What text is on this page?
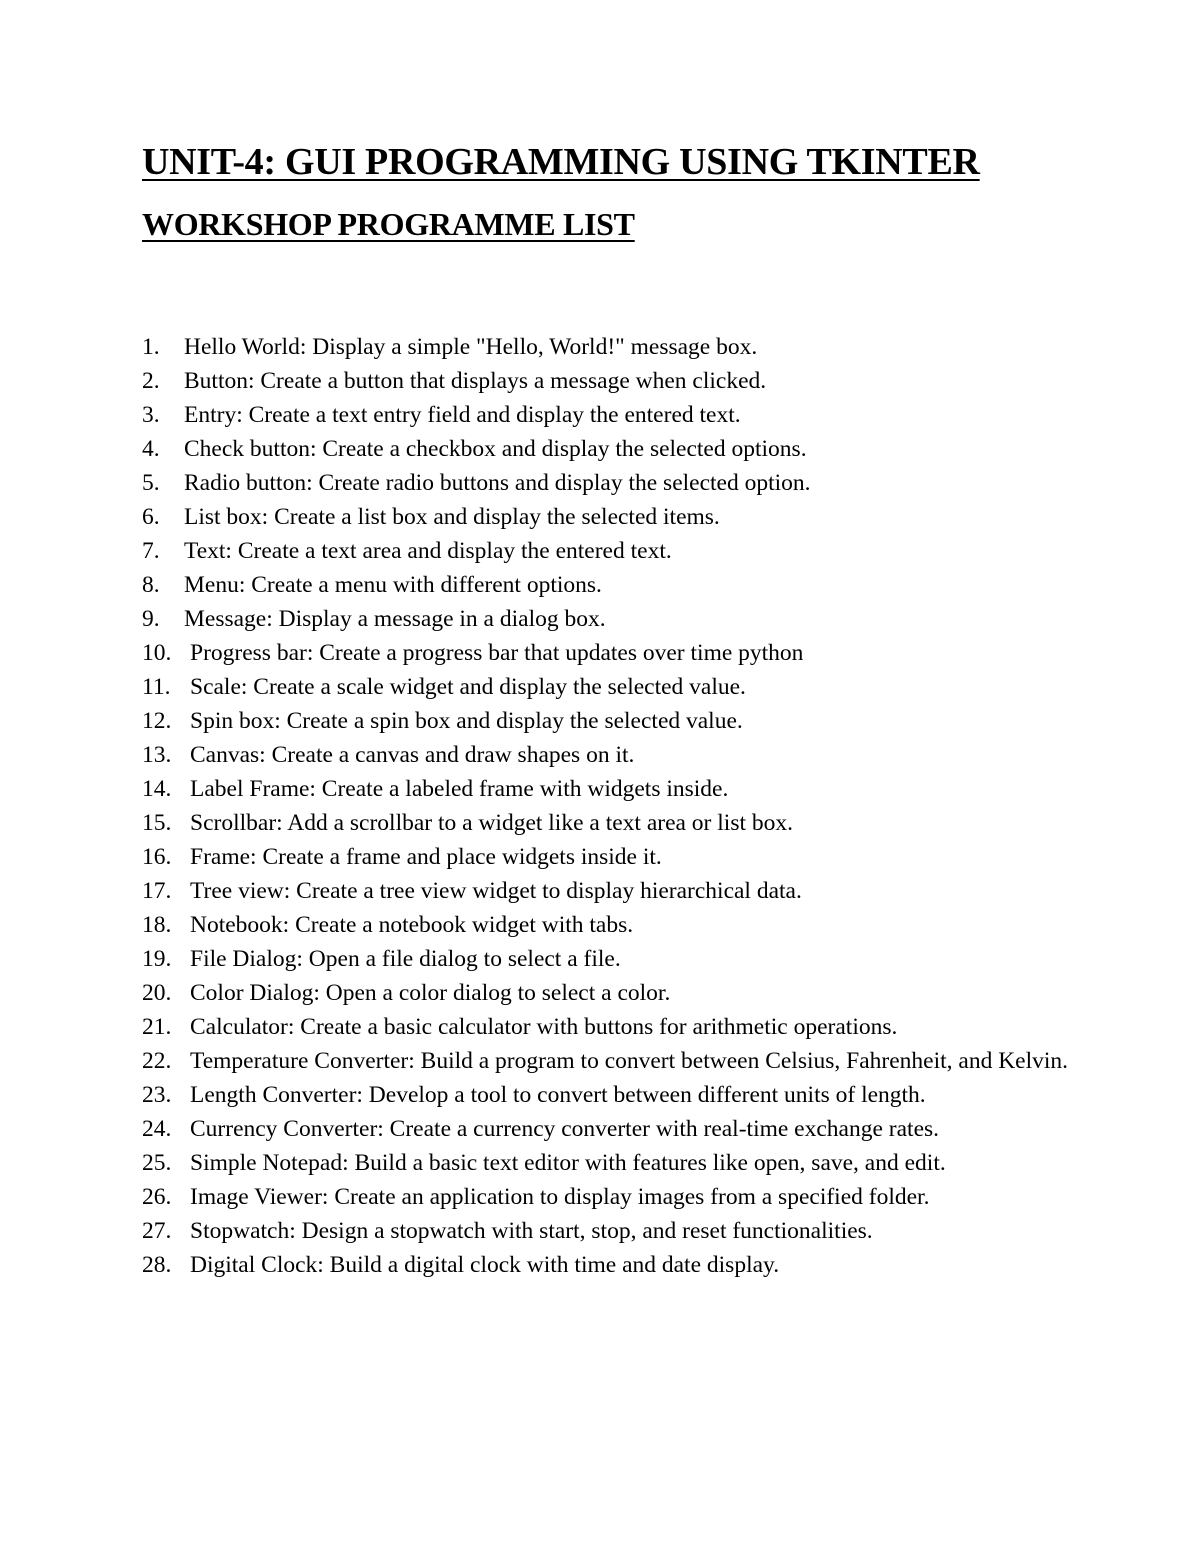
UNIT-4: GUI PROGRAMMING USING TKINTER
WORKSHOP PROGRAMME LIST
1.	Hello World: Display a simple "Hello, World!" message box.
2.	Button: Create a button that displays a message when clicked.
3.	Entry: Create a text entry field and display the entered text.
4.	Check button: Create a checkbox and display the selected options.
5.	Radio button: Create radio buttons and display the selected option.
6.	List box: Create a list box and display the selected items.
7.	Text: Create a text area and display the entered text.
8.	Menu: Create a menu with different options.
9.	Message: Display a message in a dialog box.
10. Progress bar: Create a progress bar that updates over time python
11. Scale: Create a scale widget and display the selected value.
12. Spin box: Create a spin box and display the selected value.
13. Canvas: Create a canvas and draw shapes on it.
14. Label Frame: Create a labeled frame with widgets inside.
15. Scrollbar: Add a scrollbar to a widget like a text area or list box.
16. Frame: Create a frame and place widgets inside it.
17. Tree view: Create a tree view widget to display hierarchical data.
18. Notebook: Create a notebook widget with tabs.
19. File Dialog: Open a file dialog to select a file.
20. Color Dialog: Open a color dialog to select a color.
21. Calculator: Create a basic calculator with buttons for arithmetic operations.
22. Temperature Converter: Build a program to convert between Celsius, Fahrenheit, and Kelvin.
23. Length Converter: Develop a tool to convert between different units of length.
24. Currency Converter: Create a currency converter with real-time exchange rates.
25. Simple Notepad: Build a basic text editor with features like open, save, and edit.
26. Image Viewer: Create an application to display images from a specified folder.
27. Stopwatch: Design a stopwatch with start, stop, and reset functionalities.
28. Digital Clock: Build a digital clock with time and date display.
